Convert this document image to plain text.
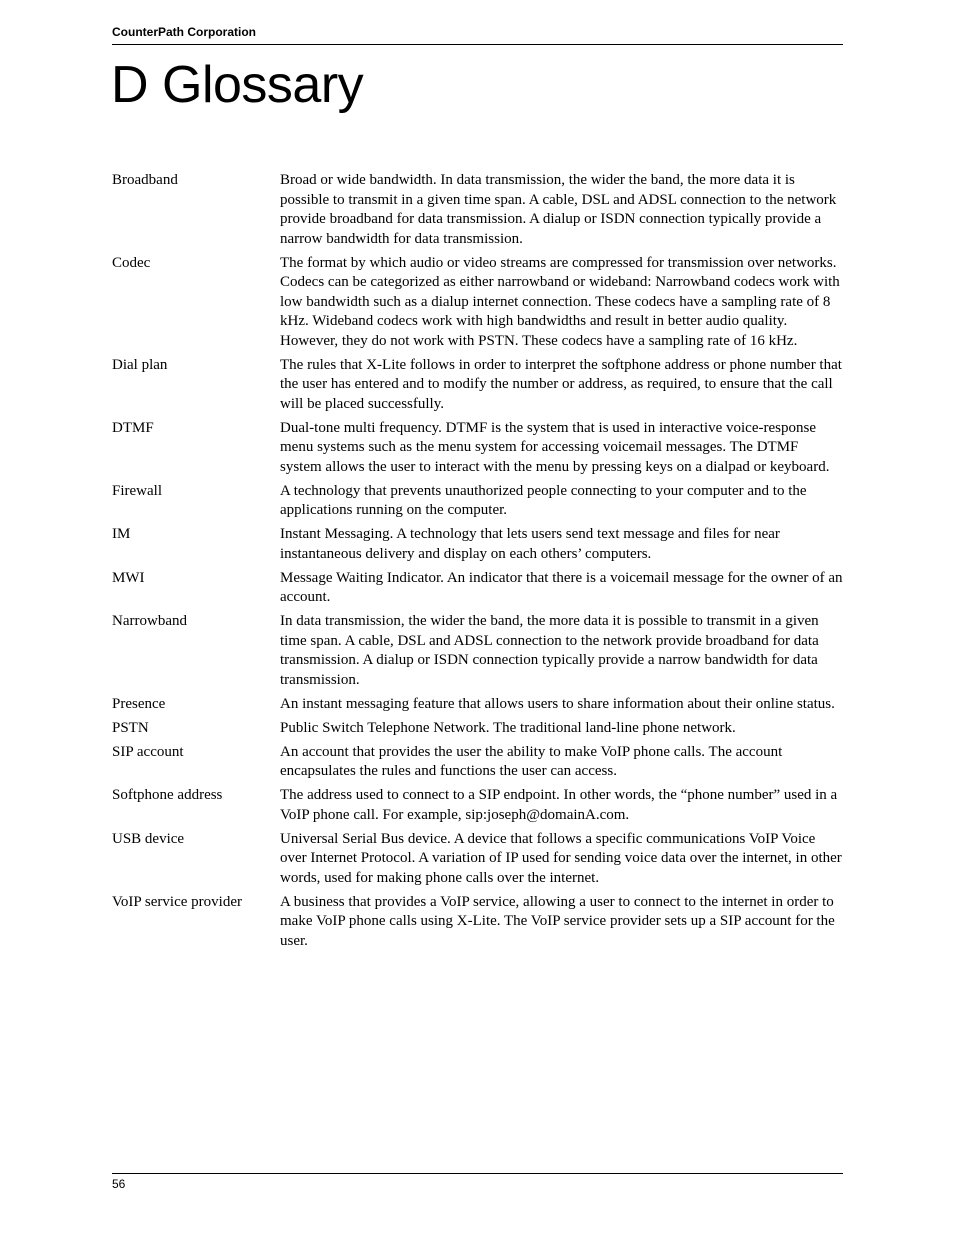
CounterPath Corporation
D Glossary
Broadband	Broad or wide bandwidth. In data transmission, the wider the band, the more data it is possible to transmit in a given time span. A cable, DSL and ADSL connection to the network provide broadband for data transmission. A dialup or ISDN connection typically provide a narrow bandwidth for data transmission.
Codec	The format by which audio or video streams are compressed for transmission over networks. Codecs can be categorized as either narrowband or wideband: Narrowband codecs work with low bandwidth such as a dialup internet connection. These codecs have a sampling rate of 8 kHz. Wideband codecs work with high bandwidths and result in better audio quality. However, they do not work with PSTN. These codecs have a sampling rate of 16 kHz.
Dial plan	The rules that X-Lite follows in order to interpret the softphone address or phone number that the user has entered and to modify the number or address, as required, to ensure that the call will be placed successfully.
DTMF	Dual-tone multi frequency. DTMF is the system that is used in interactive voice-response menu systems such as the menu system for accessing voicemail messages. The DTMF system allows the user to interact with the menu by pressing keys on a dialpad or keyboard.
Firewall	A technology that prevents unauthorized people connecting to your computer and to the applications running on the computer.
IM	Instant Messaging. A technology that lets users send text message and files for near instantaneous delivery and display on each others’ computers.
MWI	Message Waiting Indicator. An indicator that there is a voicemail message for the owner of an account.
Narrowband	In data transmission, the wider the band, the more data it is possible to transmit in a given time span. A cable, DSL and ADSL connection to the network provide broadband for data transmission. A dialup or ISDN connection typically provide a narrow bandwidth for data transmission.
Presence	An instant messaging feature that allows users to share information about their online status.
PSTN	Public Switch Telephone Network. The traditional land-line phone network.
SIP account	An account that provides the user the ability to make VoIP phone calls. The account encapsulates the rules and functions the user can access.
Softphone address	The address used to connect to a SIP endpoint. In other words, the “phone number” used in a VoIP phone call. For example, sip:joseph@domainA.com.
USB device	Universal Serial Bus device. A device that follows a specific communications VoIP Voice over Internet Protocol. A variation of IP used for sending voice data over the internet, in other words, used for making phone calls over the internet.
VoIP service provider	A business that provides a VoIP service, allowing a user to connect to the internet in order to make VoIP phone calls using X-Lite. The VoIP service provider sets up a SIP account for the user.
56
